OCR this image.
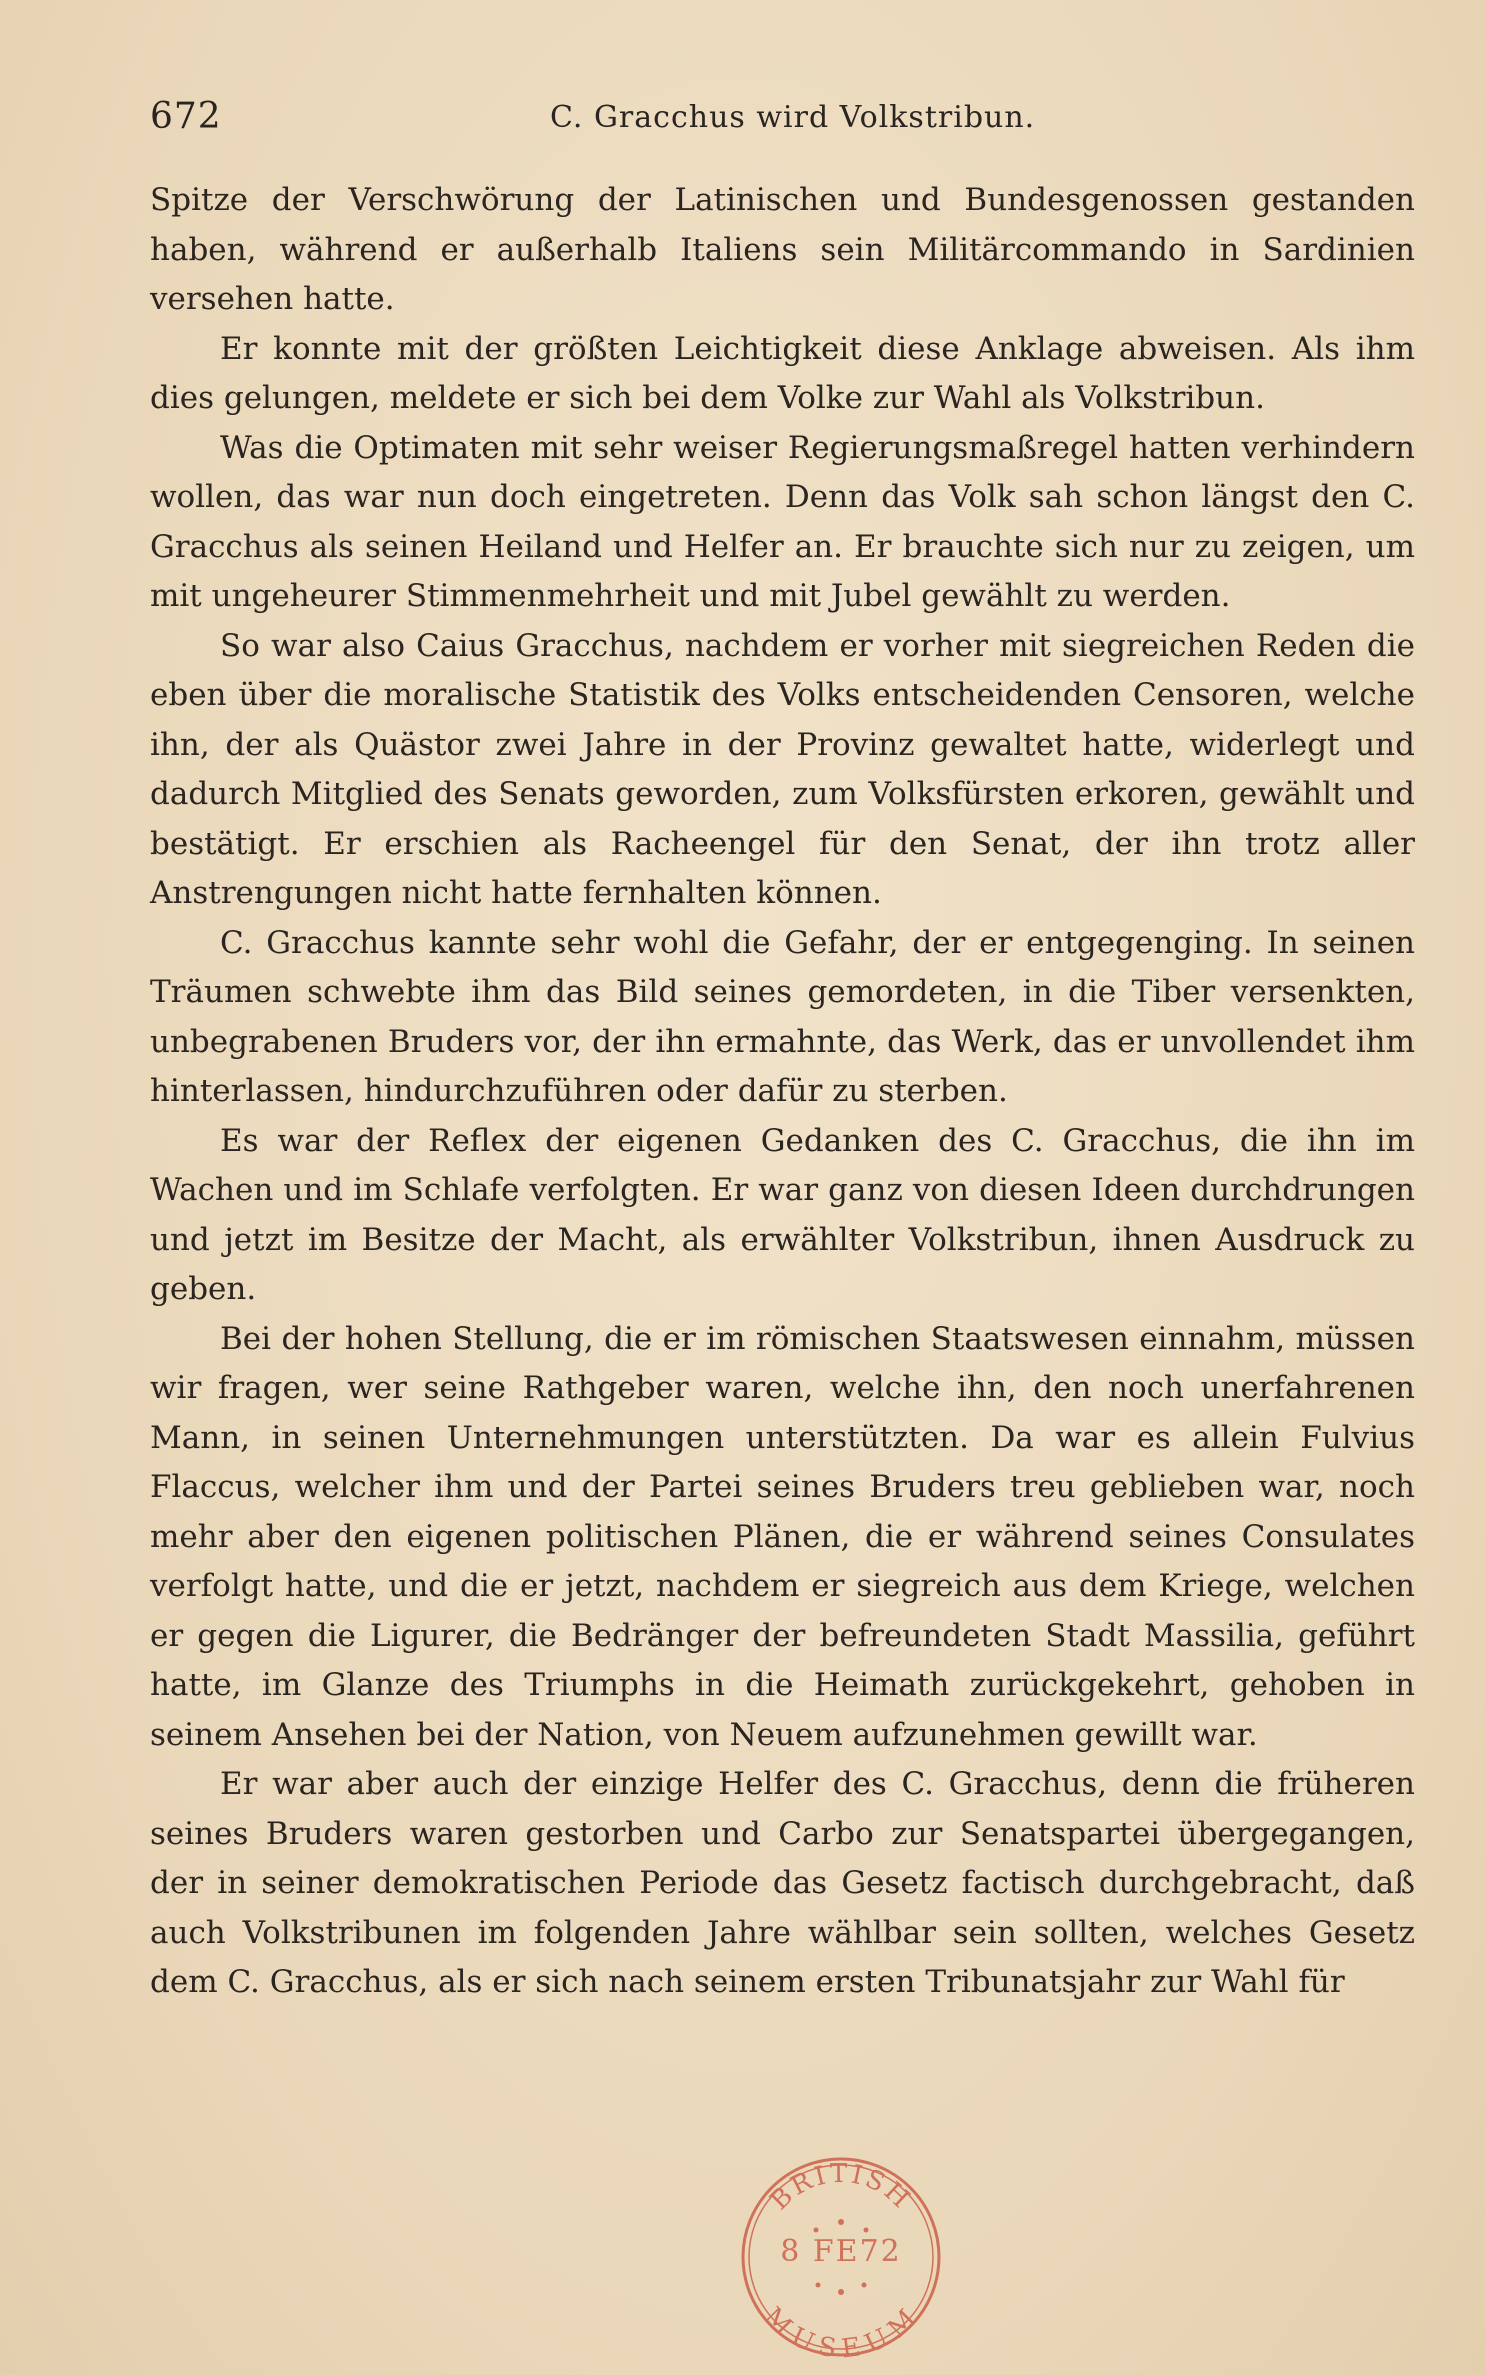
672	C. Gracchus wird Volkstribun.

Spitze der Verschwörung der Latinischen und Bundesgenossen gestanden haben, während er außerhalb Italiens sein Militärcommando in Sardinien versehen hatte.

Er konnte mit der größten Leichtigkeit diese Anklage abweisen. Als ihm dies gelungen, meldete er sich bei dem Volke zur Wahl als Volkstribun.

Was die Optimaten mit sehr weiser Regierungsmaßregel hatten verhindern wollen, das war nun doch eingetreten. Denn das Volk sah schon längst den C. Gracchus als seinen Heiland und Helfer an. Er brauchte sich nur zu zeigen, um mit ungeheurer Stimmenmehrheit und mit Jubel gewählt zu werden.

So war also Caius Gracchus, nachdem er vorher mit siegreichen Reden die eben über die moralische Statistik des Volks entscheidenden Censoren, welche ihn, der als Quästor zwei Jahre in der Provinz gewaltet hatte, widerlegt und dadurch Mitglied des Senats geworden, zum Volksfürsten erkoren, gewählt und bestätigt. Er erschien als Racheengel für den Senat, der ihn trotz aller Anstrengungen nicht hatte fernhalten können.

C. Gracchus kannte sehr wohl die Gefahr, der er entgegenging. In seinen Träumen schwebte ihm das Bild seines gemordeten, in die Tiber versenkten, unbegrabenen Bruders vor, der ihn ermahnte, das Werk, das er unvollendet ihm hinterlassen, hindurchzuführen oder dafür zu sterben.

Es war der Reflex der eigenen Gedanken des C. Gracchus, die ihn im Wachen und im Schlafe verfolgten. Er war ganz von diesen Ideen durchdrungen und jetzt im Besitze der Macht, als erwählter Volkstribun, ihnen Ausdruck zu geben.

Bei der hohen Stellung, die er im römischen Staatswesen einnahm, müssen wir fragen, wer seine Rathgeber waren, welche ihn, den noch unerfahrenen Mann, in seinen Unternehmungen unterstützten. Da war es allein Fulvius Flaccus, welcher ihm und der Partei seines Bruders treu geblieben war, noch mehr aber den eigenen politischen Plänen, die er während seines Consulates verfolgt hatte, und die er jetzt, nachdem er siegreich aus dem Kriege, welchen er gegen die Ligurer, die Bedränger der befreundeten Stadt Massilia, geführt hatte, im Glanze des Triumphs in die Heimath zurückgekehrt, gehoben in seinem Ansehen bei der Nation, von Neuem aufzunehmen gewillt war.

Er war aber auch der einzige Helfer des C. Gracchus, denn die früheren seines Bruders waren gestorben und Carbo zur Senatspartei übergegangen, der in seiner demokratischen Periode das Gesetz factisch durchgebracht, daß auch Volkstribunen im folgenden Jahre wählbar sein sollten, welches Gesetz dem C. Gracchus, als er sich nach seinem ersten Tribunatsjahr zur Wahl für

BRITISH
MUSEUM
8 FE72
